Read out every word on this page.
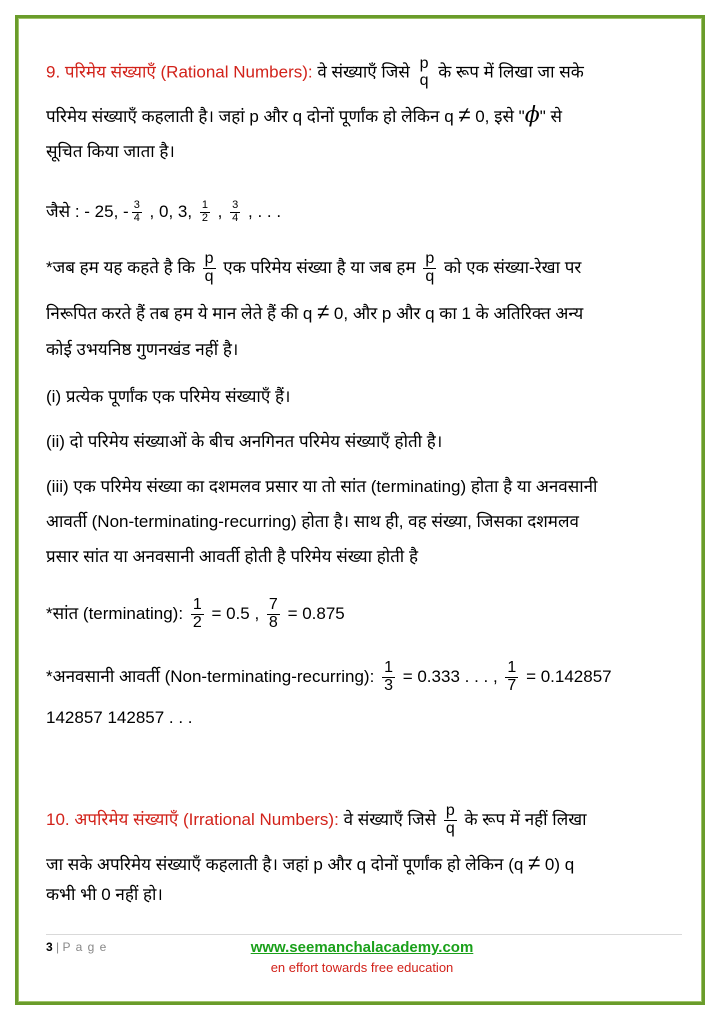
9. परिमेय संख्याएँ (Rational Numbers): वे संख्याएँ जिसे p
q के रूप में लिखा जा सके
परिमेय संख्याएँ कहलाती है। जहां p और q दोनों पूर्णांक हो लेकिन q ≠ 0, इसे "ϕ" से
सूचित किया जाता है।
जैसे : - 25, - $\frac{3}{4}$ , 0, 3, $\frac{1}{2}$ , $\frac{3}{4}$ , . . .
*जब हम यह कहते है कि $\frac{p}{q}$ एक परिमेय संख्या है या जब हम $\frac{p}{q}$ को एक संख्या-रेखा पर
निरूपित करते हैं तब हम ये मान लेते हैं की q ≠ 0, और p और q का 1 के अतिरिक्त अन्य
कोई उभयनिष्ठ गुणनखंड नहीं है।
(i) प्रत्येक पूर्णांक एक परिमेय संख्याएँ हैं।
(ii) दो परिमेय संख्याओं के बीच अनगिनत परिमेय संख्याएँ होती है।
(iii) एक परिमेय संख्या का दशमलव प्रसार या तो सांत (terminating) होता है या अनवसानी
आवर्ती (Non-terminating-recurring) होता है। साथ ही, वह संख्या, जिसका दशमलव
प्रसार सांत या अनवसानी आवर्ती होती है परिमेय संख्या होती है
*सांत (terminating): $\frac{1}{2} = 0.5$ , $\frac{7}{8} = 0.875$
*अनवसानी आवर्ती (Non-terminating-recurring): $\frac{1}{3} = 0.333$ . . . , $\frac{1}{7} = 0.142857$
142857 142857 . . .
10. अपरिमेय संख्याएँ (Irrational Numbers): वे संख्याएँ जिसे $\frac{p}{q}$ के रूप में नहीं लिखा
जा सके अपरिमेय संख्याएँ कहलाती है। जहां p और q दोनों पूर्णांक हो लेकिन (q ≠ 0) q
कभी भी 0 नहीं हो।
3 | P a g e	www.seemanchalacademy.com
en effort towards free education
